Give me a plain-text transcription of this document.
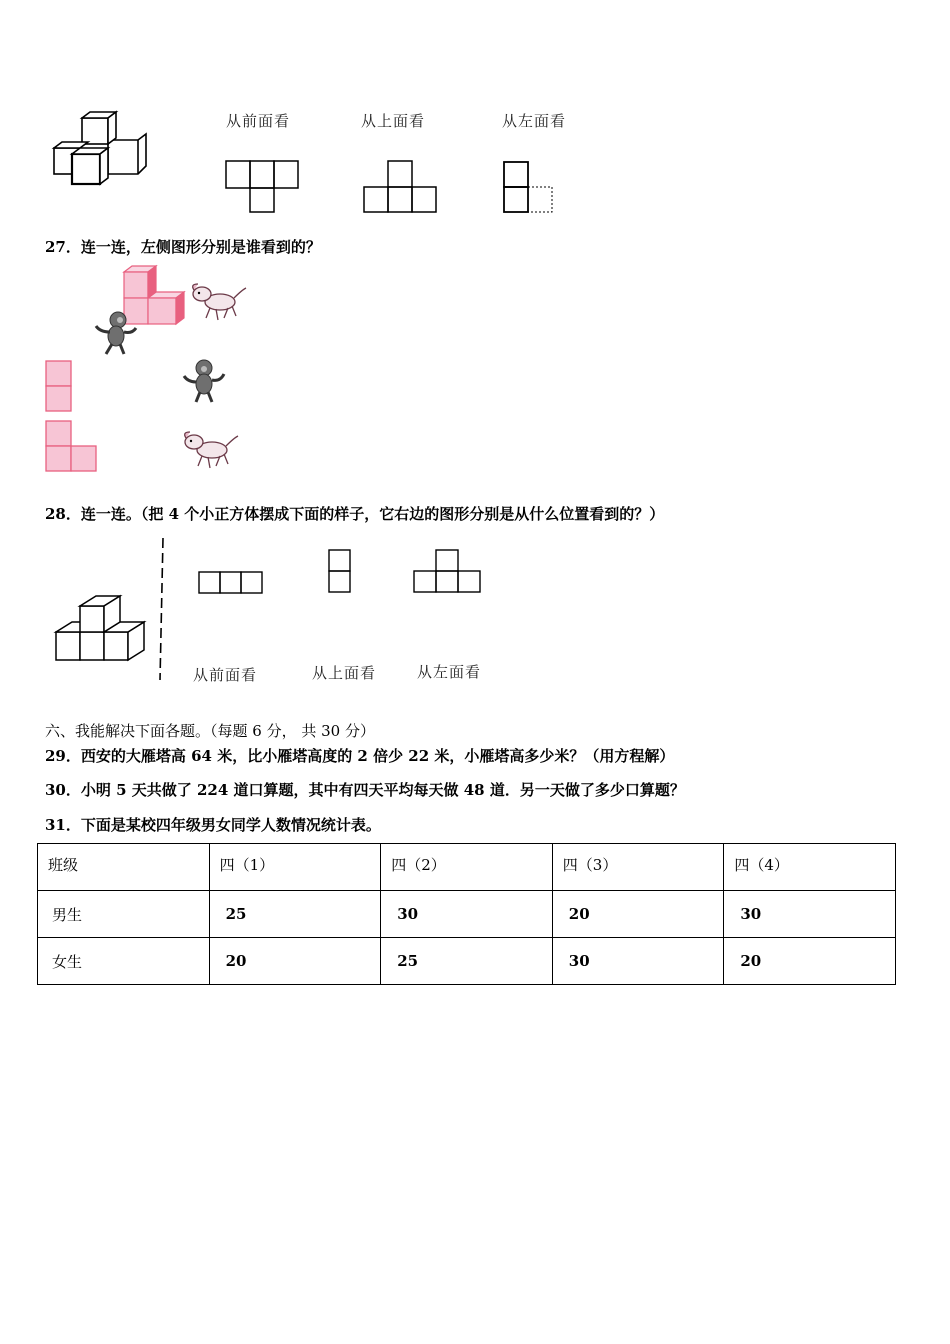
从前面看	从上面看	从左面看
27．连一连，左侧图形分别是谁看到的？
28．连一连。（把 4 个小正方体摆成下面的样子，它右边的图形分别是从什么位置看到的？）
从前面看	从上面看	从左面看
六、我能解决下面各题。（每题 6 分， 共 30 分）
29．西安的大雁塔高 64 米，比小雁塔高度的 2 倍少 22 米，小雁塔高多少米？（用方程解）
30．小明 5 天共做了 224 道口算题，其中有四天平均每天做 48 道．另一天做了多少口算题？
31．下面是某校四年级男女同学人数情况统计表。
班级	四（1）	四（2）	四（3）	四（4）
男生	25	30	20	30
女生	20	25	30	20
